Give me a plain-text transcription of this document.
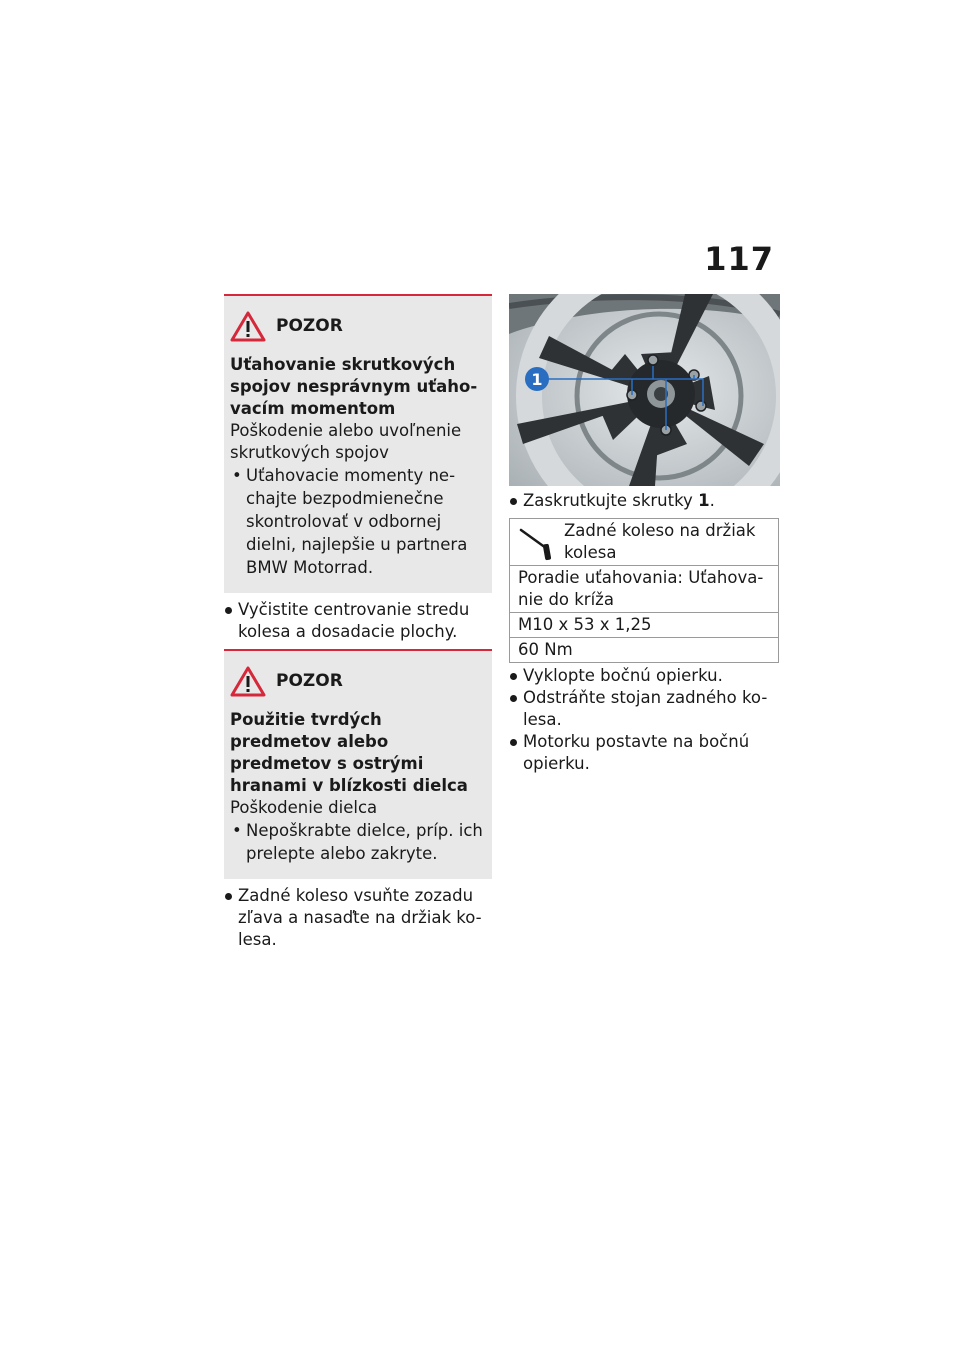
117
POZOR
Uťahovanie skrutkových spojov nesprávnym uťaho-vacím momentom
Poškodenie alebo uvoľnenie skrutkových spojov
• Uťahovacie momenty ne-chajte bezpodmienečne skontrolovať v odbornej dielni, najlepšie u partnera BMW Motorrad.
Vyčistite centrovanie stredu kolesa a dosadacie plochy.
POZOR
Použitie tvrdých predmetov alebo predmetov s ostrými hranami v blízkosti dielca
Poškodenie dielca
• Nepoškrabte dielce, príp. ich prelepte alebo zakryte.
Zadné koleso vsuňte zozadu zľava a nasaďte na držiak ko-lesa.
1
Zaskrutkujte skrutky 1.
Zadné koleso na držiak kolesa

Poradie uťahovania: Uťahova-nie do kríža
M10 x 53 x 1,25
60 Nm
Vyklopte bočnú opierku.
Odstráňte stojan zadného ko-lesa.
Motorku postavte na bočnú opierku.
